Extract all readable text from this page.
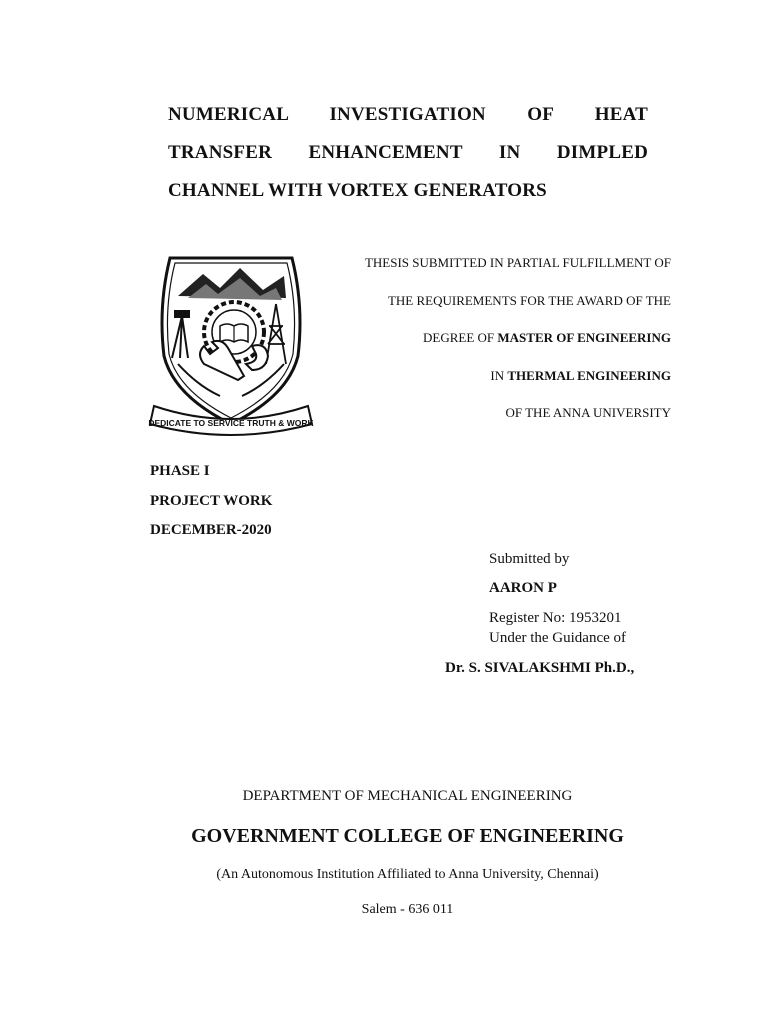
NUMERICAL INVESTIGATION OF HEAT
TRANSFER ENHANCEMENT IN DIMPLED
CHANNEL WITH VORTEX GENERATORS
DEDICATE TO SERVICE TRUTH & WORK
THESIS SUBMITTED IN PARTIAL FULFILLMENT OF
THE REQUIREMENTS FOR THE AWARD OF THE
DEGREE OF MASTER OF ENGINEERING
IN THERMAL ENGINEERING
OF THE ANNA UNIVERSITY
PHASE I
PROJECT WORK
DECEMBER-2020
Submitted by
AARON P
Register No: 1953201
Under the Guidance of
Dr. S. SIVALAKSHMI Ph.D.,
DEPARTMENT OF MECHANICAL ENGINEERING
GOVERNMENT COLLEGE OF ENGINEERING
(An Autonomous Institution Affiliated to Anna University, Chennai)
Salem - 636 011
